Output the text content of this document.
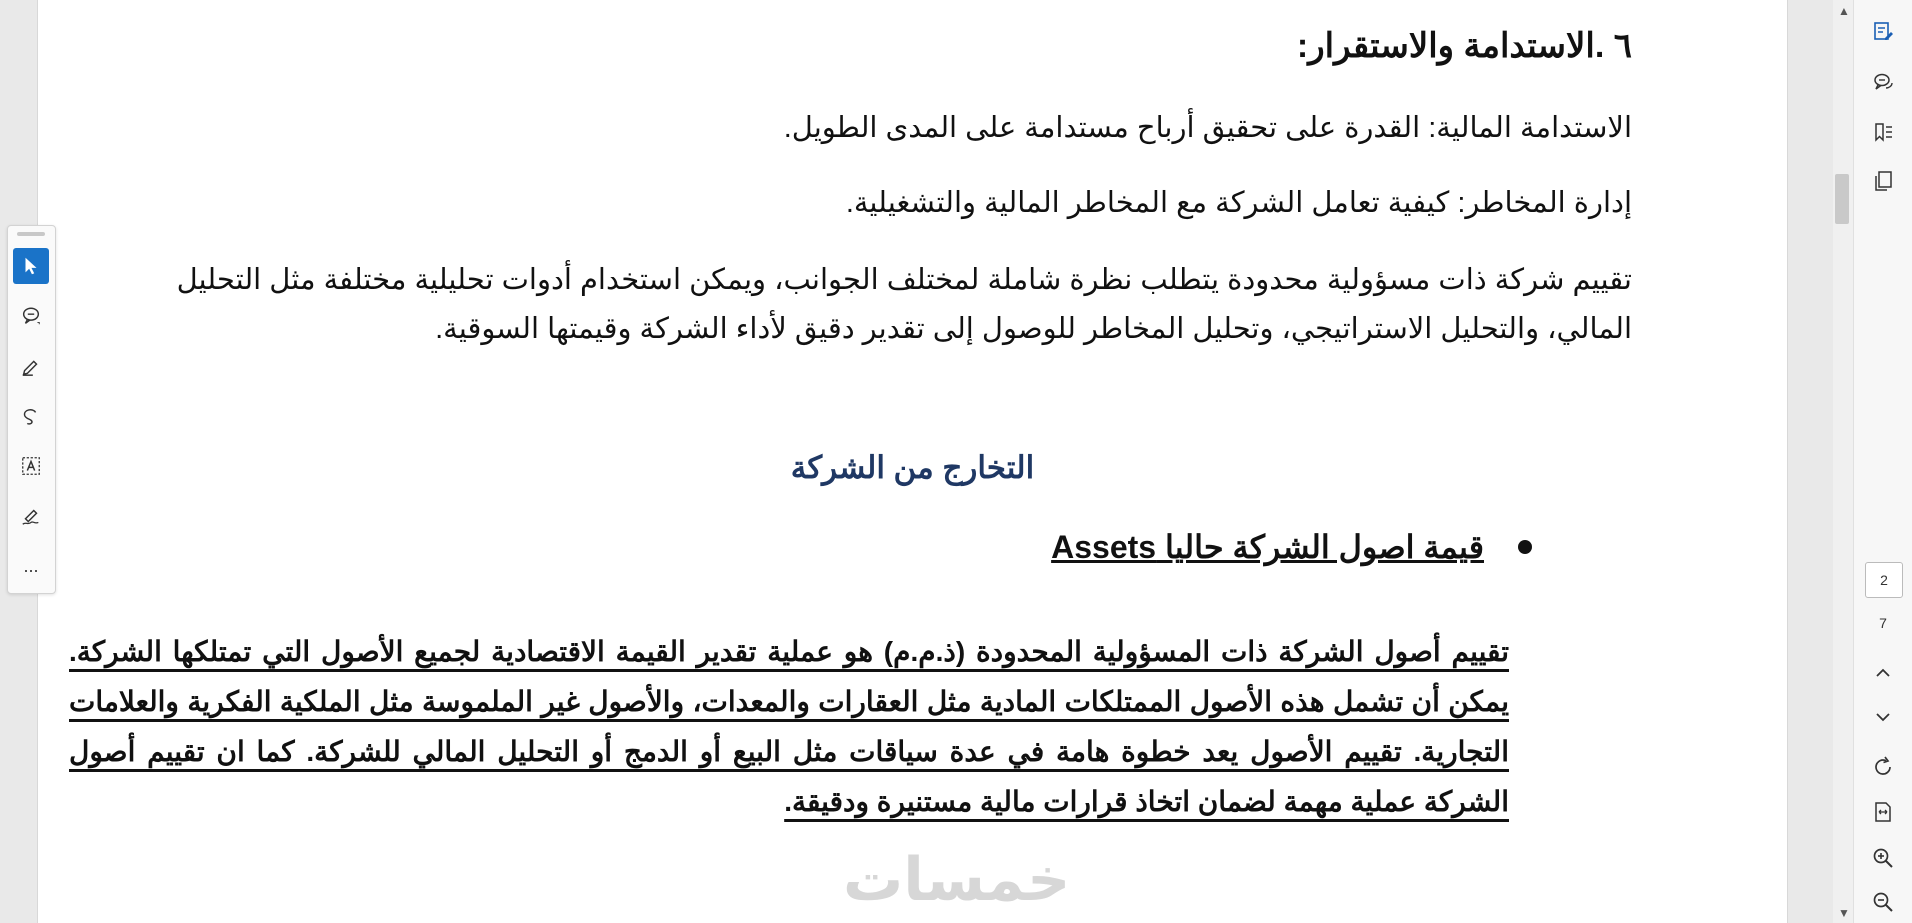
٦ .الاستدامة والاستقرار:
الاستدامة المالية: القدرة على تحقيق أرباح مستدامة على المدى الطويل.
إدارة المخاطر: كيفية تعامل الشركة مع المخاطر المالية والتشغيلية.
تقييم شركة ذات مسؤولية محدودة يتطلب نظرة شاملة لمختلف الجوانب، ويمكن استخدام أدوات تحليلية مختلفة مثل التحليل المالي، والتحليل الاستراتيجي، وتحليل المخاطر للوصول إلى تقدير دقيق لأداء الشركة وقيمتها السوقية.
التخارج من الشركة
قيمة اصول الشركة حاليا Assets
تقييم أصول الشركة ذات المسؤولية المحدودة (ذ.م.م) هو عملية تقدير القيمة الاقتصادية لجميع الأصول التي تمتلكها الشركة. يمكن أن تشمل هذه الأصول الممتلكات المادية مثل العقارات والمعدات، والأصول غير الملموسة مثل الملكية الفكرية والعلامات التجارية. تقييم الأصول يعد خطوة هامة في عدة سياقات مثل البيع أو الدمج أو التحليل المالي للشركة. كما ان تقييم أصول الشركة عملية مهمة لضمان اتخاذ قرارات مالية مستنيرة ودقيقة.
خمسات
...
▲
▼
2
7
